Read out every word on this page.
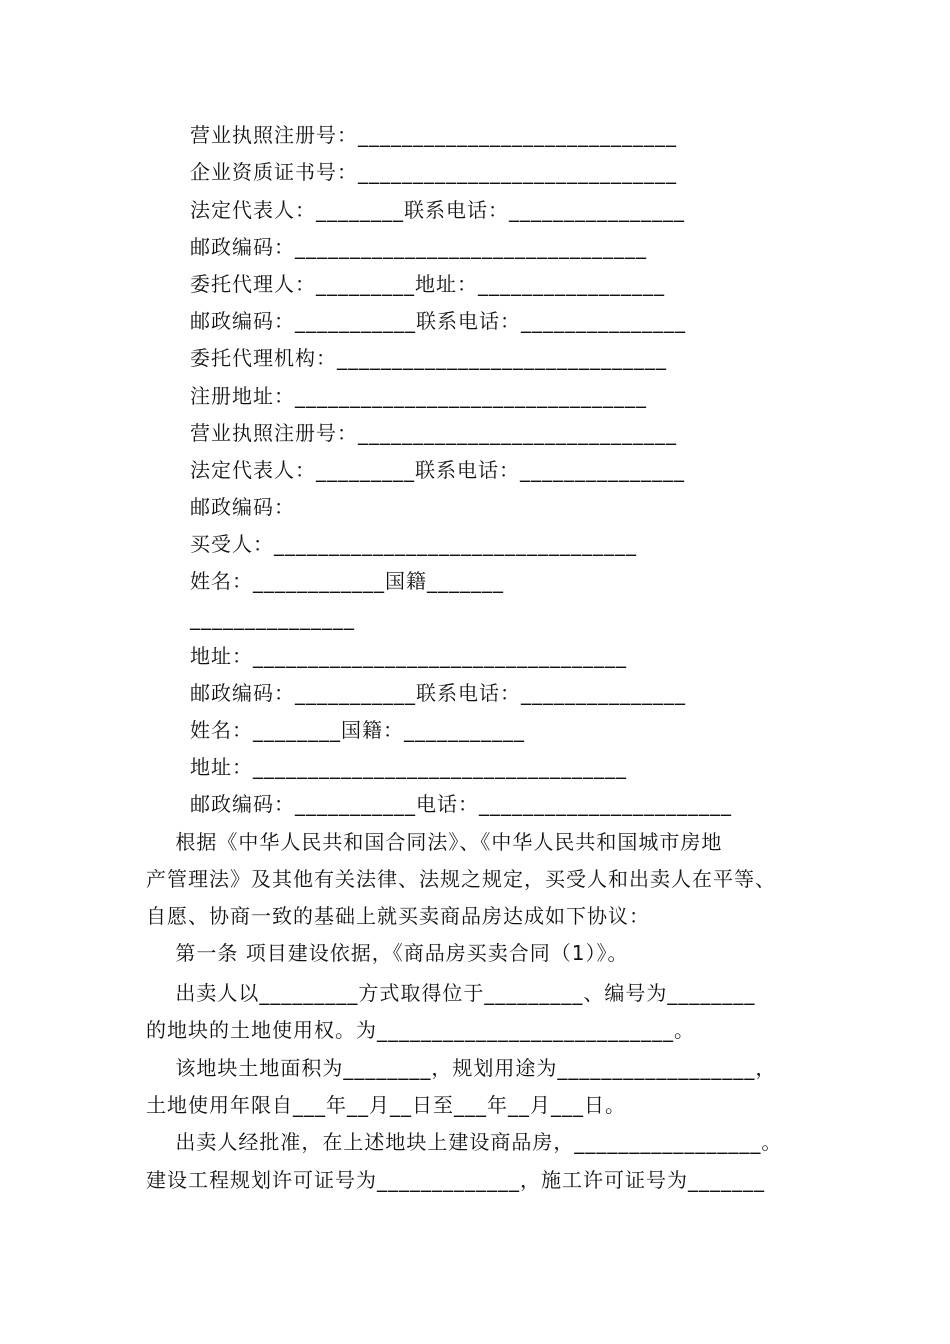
营业执照注册号：_____________________________
企业资质证书号：_____________________________
法定代表人：________联系电话：________________
邮政编码：________________________________
委托代理人：_________地址：_________________
邮政编码：___________联系电话：_______________
委托代理机构：______________________________
注册地址：________________________________
营业执照注册号：_____________________________
法定代表人：_________联系电话：_______________
邮政编码：
买受人：_________________________________
姓名：____________国籍_______
_______________
地址：__________________________________
邮政编码：___________联系电话：_______________
姓名：________国籍：___________
地址：__________________________________
邮政编码：___________电话：_______________________
根据《中华人民共和国合同法》、《中华人民共和国城市房地
产管理法》及其他有关法律、法规之规定，买受人和出卖人在平等、
自愿、协商一致的基础上就买卖商品房达成如下协议：
第一条 项目建设依据，《商品房买卖合同（1）》。
出卖人以_________方式取得位于_________、编号为________
的地块的土地使用权。为___________________________。
该地块土地面积为________，规划用途为__________________，
土地使用年限自___年__月__日至___年__月___日。
出卖人经批准，在上述地块上建设商品房，_________________。
建设工程规划许可证号为_____________，施工许可证号为_______
